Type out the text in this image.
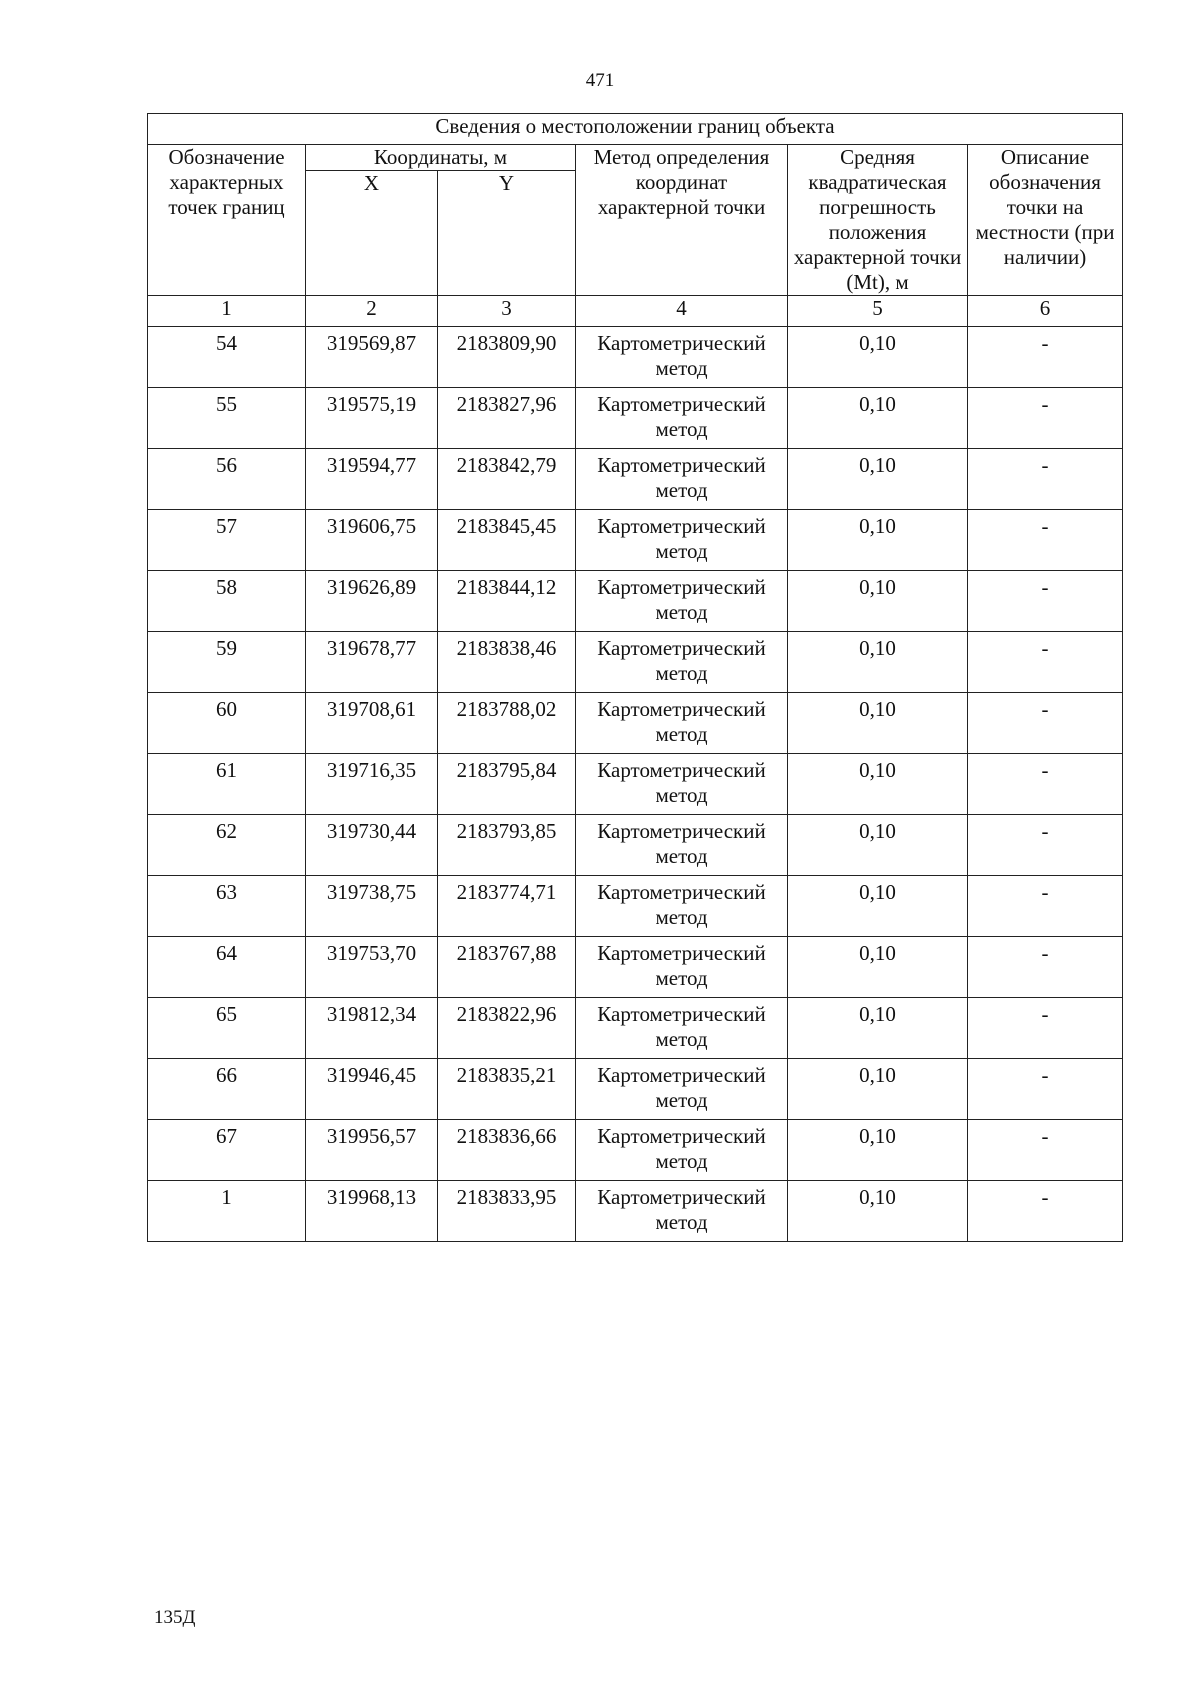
471
Сведения о местоположении границ объекта					
Обозначение характерных точек границ	Координаты, м		Метод определения координат характерной точки	Средняя квадратическая погрешность положения характерной точки (Mt), м	Описание обозначения точки на местности (при наличии)
	X	Y			
1	2	3	4	5	6
54	319569,87	2183809,90	Картометрический метод	0,10	-
55	319575,19	2183827,96	Картометрический метод	0,10	-
56	319594,77	2183842,79	Картометрический метод	0,10	-
57	319606,75	2183845,45	Картометрический метод	0,10	-
58	319626,89	2183844,12	Картометрический метод	0,10	-
59	319678,77	2183838,46	Картометрический метод	0,10	-
60	319708,61	2183788,02	Картометрический метод	0,10	-
61	319716,35	2183795,84	Картометрический метод	0,10	-
62	319730,44	2183793,85	Картометрический метод	0,10	-
63	319738,75	2183774,71	Картометрический метод	0,10	-
64	319753,70	2183767,88	Картометрический метод	0,10	-
65	319812,34	2183822,96	Картометрический метод	0,10	-
66	319946,45	2183835,21	Картометрический метод	0,10	-
67	319956,57	2183836,66	Картометрический метод	0,10	-
1	319968,13	2183833,95	Картометрический метод	0,10	-
135Д
